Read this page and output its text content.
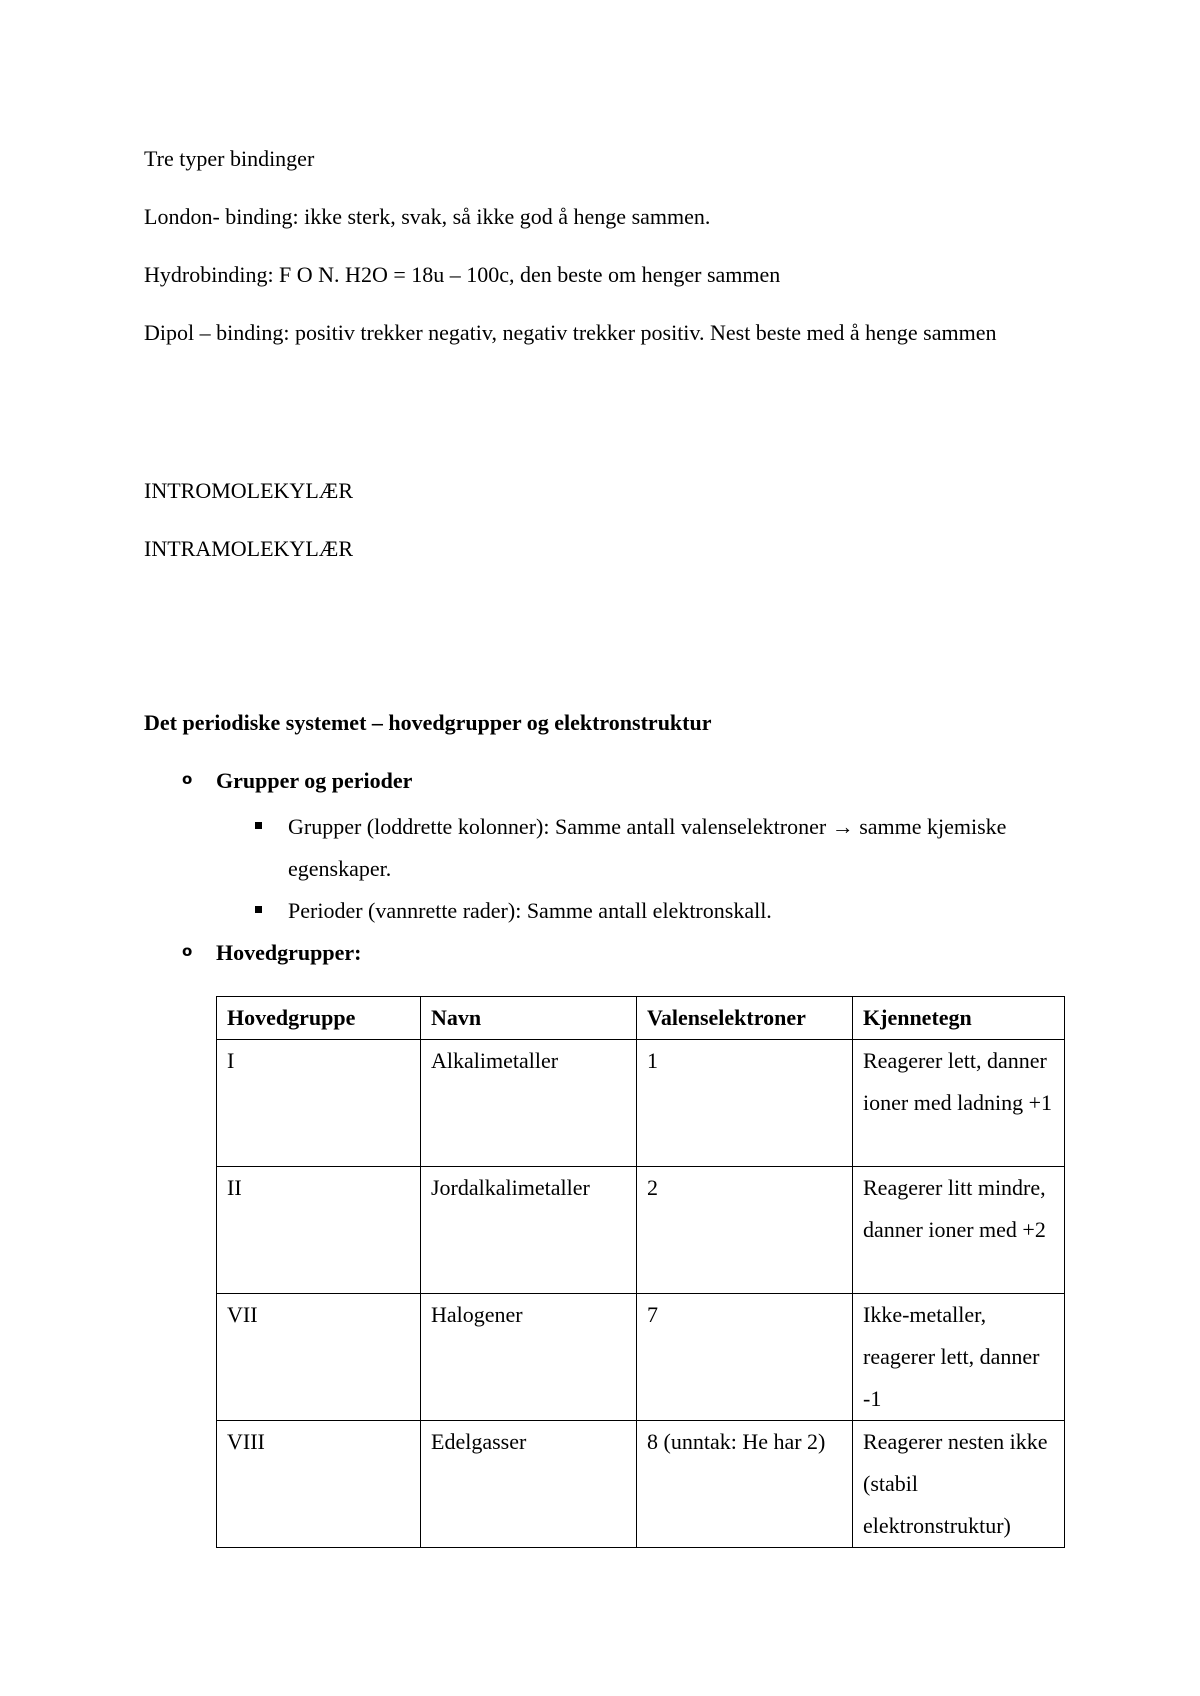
Tre typer bindinger

London- binding: ikke sterk, svak, så ikke god å henge sammen.

Hydrobinding: F O N. H2O = 18u – 100c, den beste om henger sammen

Dipol – binding: positiv trekker negativ, negativ trekker positiv. Nest beste med å henge sammen

INTROMOLEKYLÆR

INTRAMOLEKYLÆR

Det periodiske systemet – hovedgrupper og elektronstruktur

o Grupper og perioder

Grupper (loddrette kolonner): Samme antall valenselektroner → samme kjemiske egenskaper.

Perioder (vannrette rader): Samme antall elektronskall.

o Hovedgrupper:

Hovedgruppe	Navn	Valenselektroner	Kjennetegn
I	Alkalimetaller	1	Reagerer lett, danner ioner med ladning +1
II	Jordalkalimetaller	2	Reagerer litt mindre, danner ioner med +2
VII	Halogener	7	Ikke-metaller, reagerer lett, danner -1
VIII	Edelgasser	8 (unntak: He har 2)	Reagerer nesten ikke (stabil elektronstruktur)
